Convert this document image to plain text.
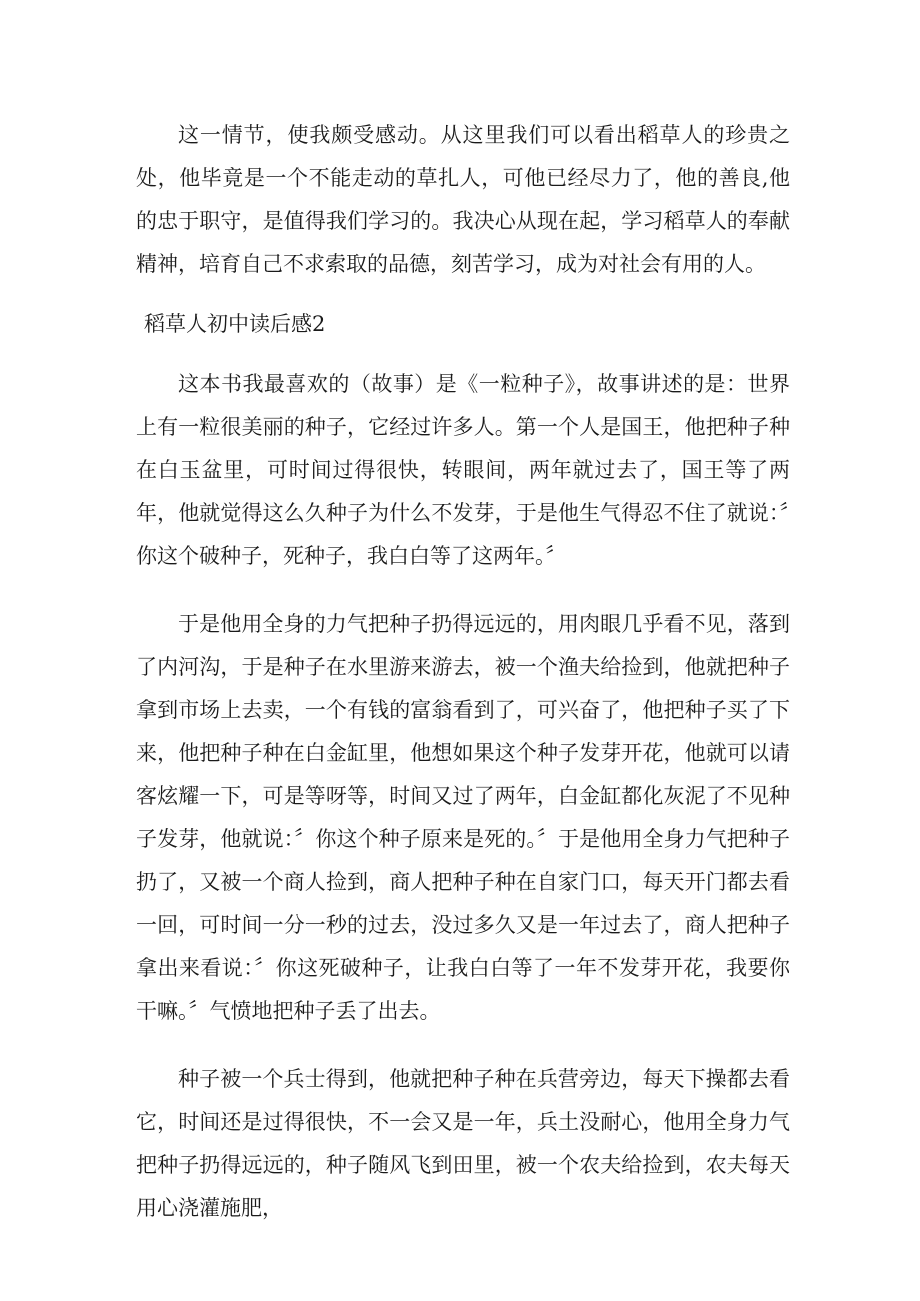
这一情节，使我颇受感动。从这里我们可以看出稻草人的珍贵之处，他毕竟是一个不能走动的草扎人，可他已经尽力了，他的善良,他的忠于职守，是值得我们学习的。我决心从现在起，学习稻草人的奉献精神，培育自己不求索取的品德，刻苦学习，成为对社会有用的人。

稻草人初中读后感2

这本书我最喜欢的（故事）是《一粒种子》，故事讲述的是：世界上有一粒很美丽的种子，它经过许多人。第一个人是国王，他把种子种在白玉盆里，可时间过得很快，转眼间，两年就过去了，国王等了两年，他就觉得这么久种子为什么不发芽，于是他生气得忍不住了就说：〞你这个破种子，死种子，我白白等了这两年。〞

于是他用全身的力气把种子扔得远远的，用肉眼几乎看不见，落到了内河沟，于是种子在水里游来游去，被一个渔夫给捡到，他就把种子拿到市场上去卖，一个有钱的富翁看到了，可兴奋了，他把种子买了下来，他把种子种在白金缸里，他想如果这个种子发芽开花，他就可以请客炫耀一下，可是等呀等，时间又过了两年，白金缸都化灰泥了不见种子发芽，他就说：〞你这个种子原来是死的。〞于是他用全身力气把种子扔了，又被一个商人捡到，商人把种子种在自家门口，每天开门都去看一回，可时间一分一秒的过去，没过多久又是一年过去了，商人把种子拿出来看说：〞你这死破种子，让我白白等了一年不发芽开花，我要你干嘛。〞气愤地把种子丢了出去。

种子被一个兵士得到，他就把种子种在兵营旁边，每天下操都去看它，时间还是过得很快，不一会又是一年，兵土没耐心，他用全身力气把种子扔得远远的，种子随风飞到田里，被一个农夫给捡到，农夫每天用心浇灌施肥，
